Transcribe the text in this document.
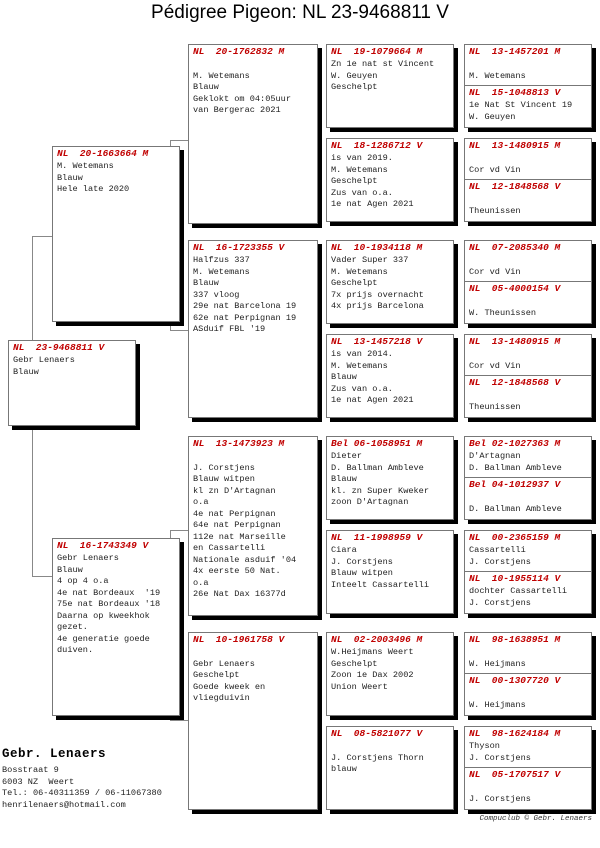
Pédigree Pigeon: NL 23-9468811 V
NL  23-9468811 V
Gebr Lenaers
Blauw
NL  20-1663664 M
M. Wetemans
Blauw
Hele late 2020
NL  16-1743349 V
Gebr Lenaers
Blauw
4 op 4 o.a
4e nat Bordeaux  '19
75e nat Bordeaux '18
Daarna op kweekhok
gezet.
4e generatie goede
duiven.
NL  20-1762832 M

M. Wetemans
Blauw
Geklokt om 04:05uur
van Bergerac 2021
NL  16-1723355 V
Halfzus 337
M. Wetemans
Blauw
337 vloog
29e nat Barcelona 19
62e nat Perpignan 19
ASduif FBL '19
NL  13-1473923 M

J. Corstjens
Blauw witpen
kl zn D'Artagnan
o.a
4e nat Perpignan
64e nat Perpignan
112e nat Marseille
en Cassartelli
Nationale asduif '04
4x eerste 50 Nat.
o.a
26e Nat Dax 16377d
NL  10-1961758 V

Gebr Lenaers
Geschelpt
Goede kweek en
vliegduivin
NL  19-1079664 M
Zn 1e nat st Vincent
W. Geuyen
Geschelpt
NL  18-1286712 V
is van 2019.
M. Wetemans
Geschelpt
Zus van o.a.
1e nat Agen 2021
NL  10-1934118 M
Vader Super 337
M. Wetemans
Geschelpt
7x prijs overnacht
4x prijs Barcelona
NL  13-1457218 V
is van 2014.
M. Wetemans
Blauw
Zus van o.a.
1e nat Agen 2021
Bel 06-1058951 M
Dieter
D. Ballman Ambleve
Blauw
kl. zn Super Kweker
zoon D'Artagnan
NL  11-1998959 V
Ciara
J. Corstjens
Blauw witpen
Inteelt Cassartelli
NL  02-2003496 M
W.Heijmans Weert
Geschelpt
Zoon 1e Dax 2002
Union Weert
NL  08-5821077 V

J. Corstjens Thorn
blauw
NL  13-1457201 M

M. Wetemans
NL  15-1048813 V
1e Nat St Vincent 19
W. Geuyen
NL  13-1480915 M

Cor vd Vin
NL  12-1848568 V

Theunissen
NL  07-2085340 M

Cor vd Vin
NL  05-4000154 V

W. Theunissen
NL  13-1480915 M

Cor vd Vin
NL  12-1848568 V

Theunissen
Bel 02-1027363 M
D'Artagnan
D. Ballman Ambleve
Bel 04-1012937 V

D. Ballman Ambleve
NL  00-2365159 M
Cassartelli
J. Corstjens
NL  10-1955114 V
dochter Cassartelli
J. Corstjens
NL  98-1638951 M

W. Heijmans
NL  00-1307720 V

W. Heijmans
NL  98-1624184 M
Thyson
J. Corstjens
NL  05-1707517 V

J. Corstjens
Gebr. Lenaers
Bosstraat 9
6003 NZ  Weert
Tel.: 06-40311359 / 06-11067380
henrilenaers@hotmail.com
Compuclub © Gebr. Lenaers
